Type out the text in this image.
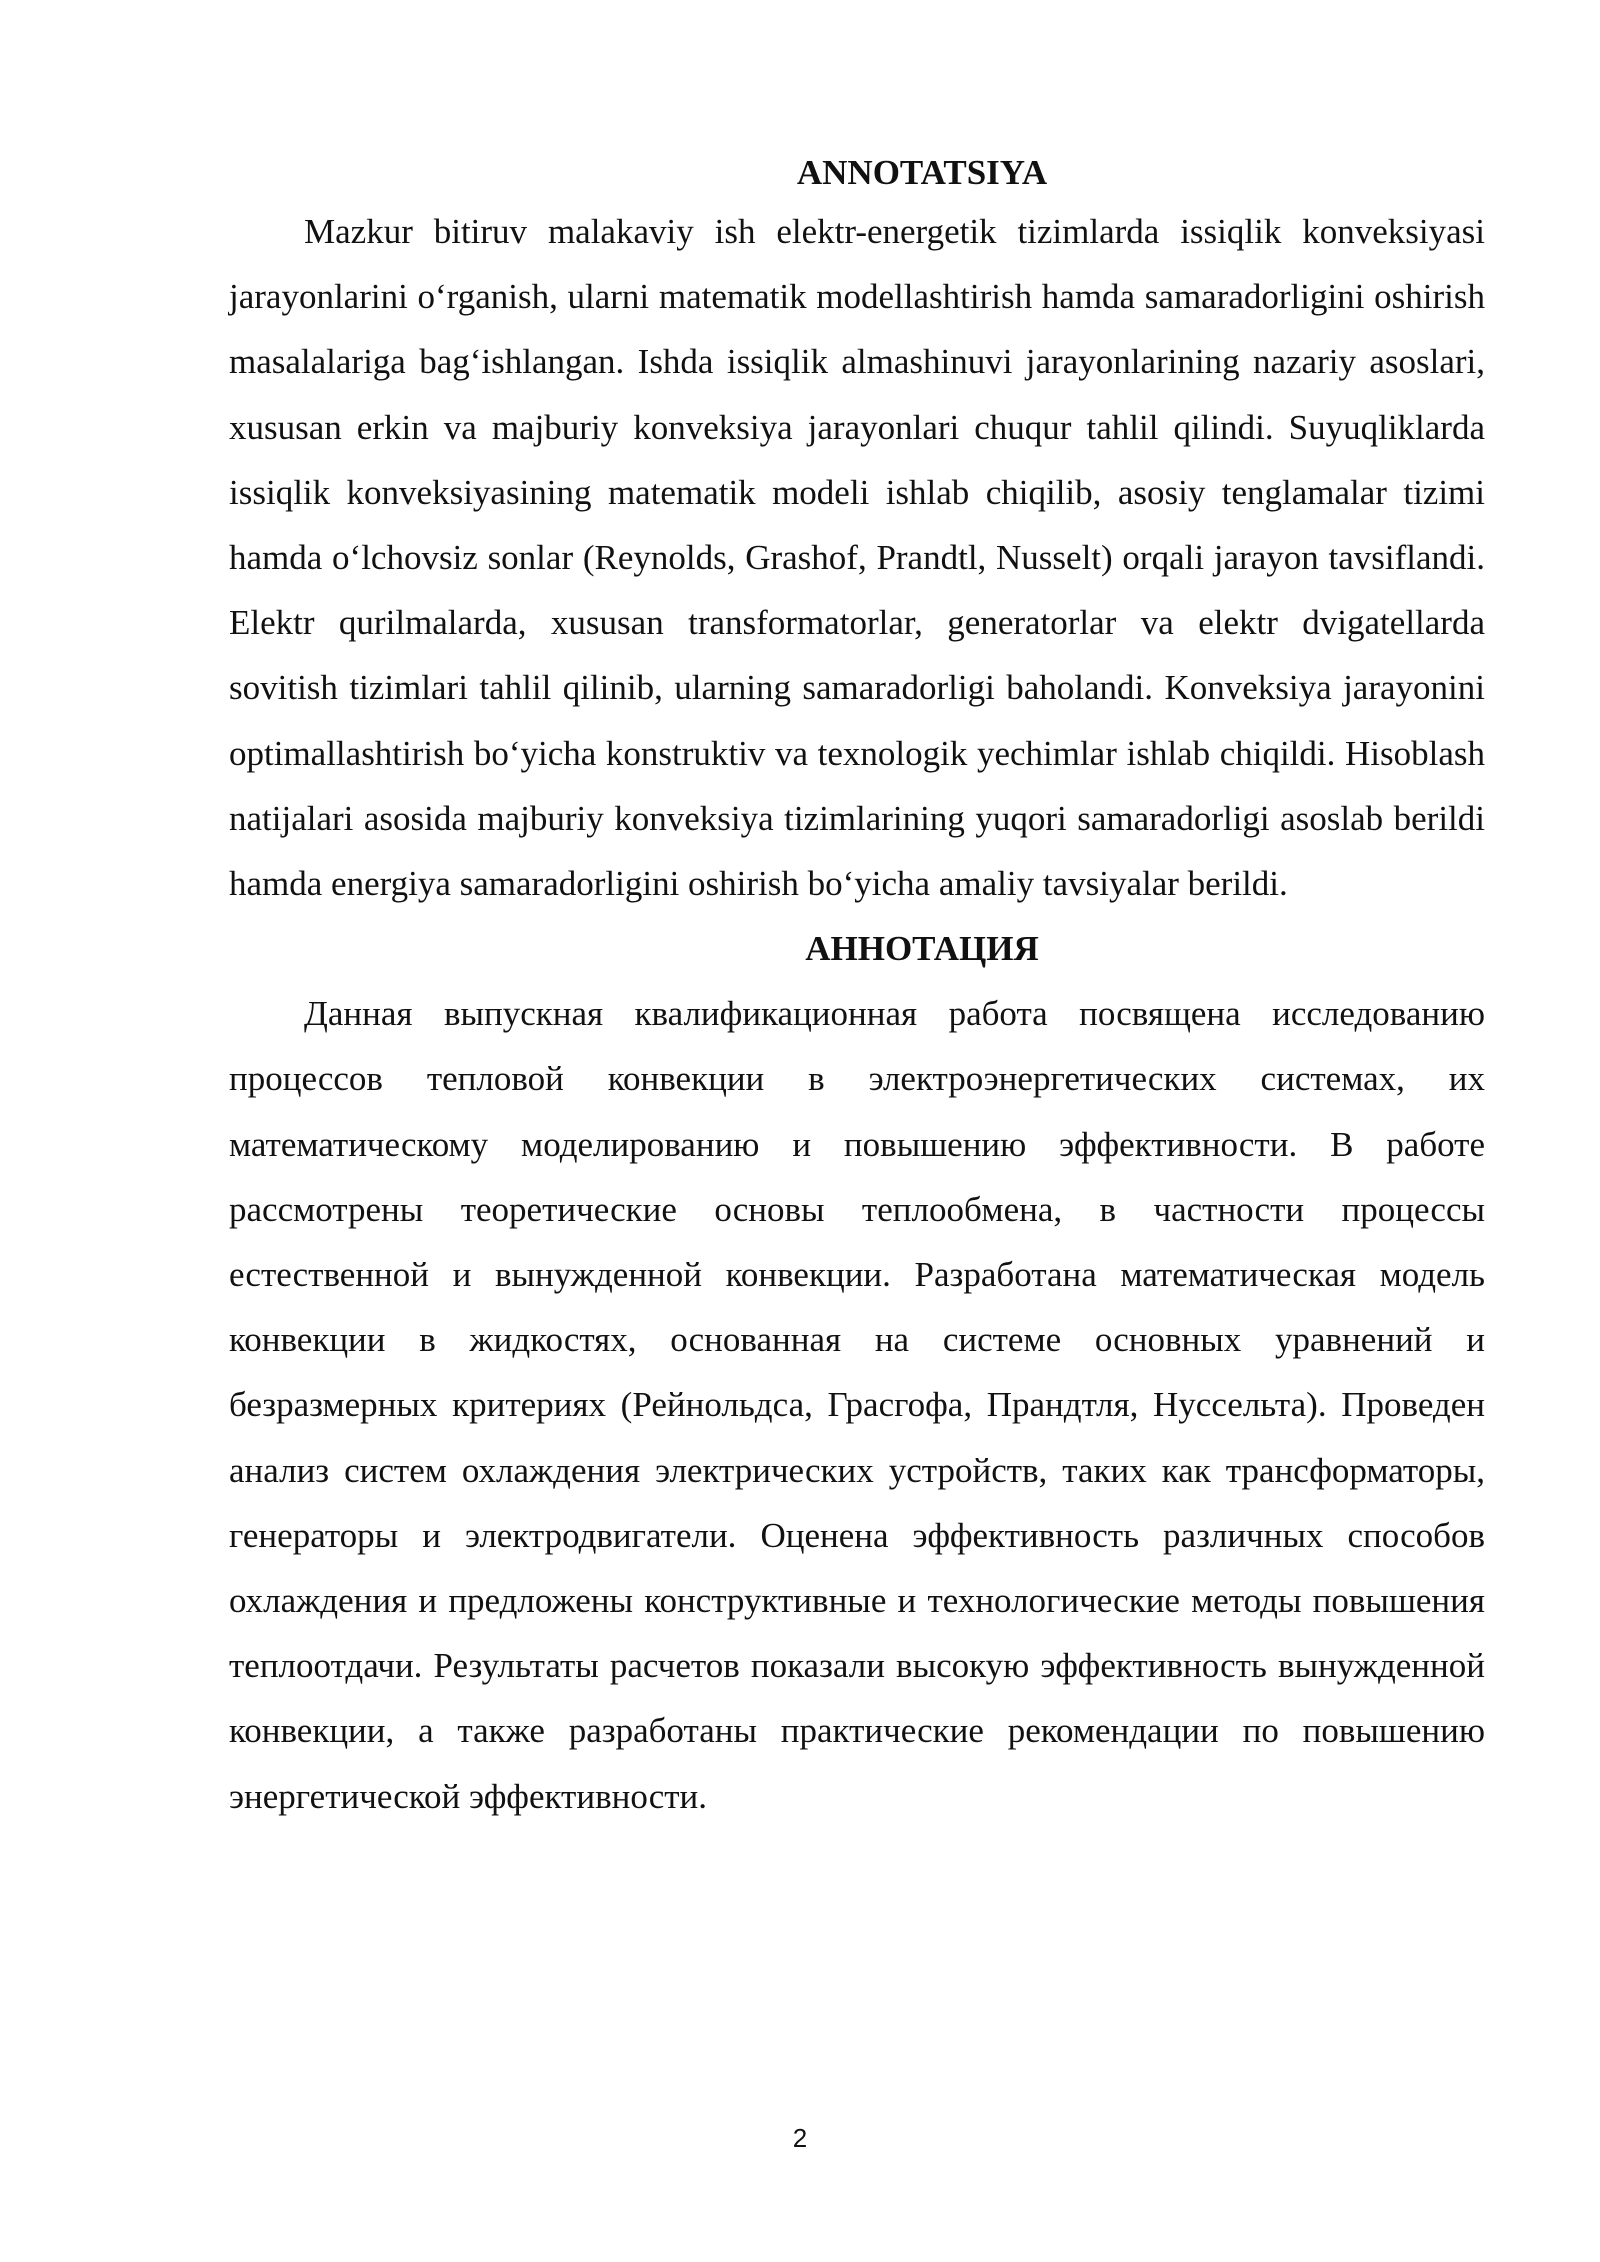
ANNOTATSIYA

Mazkur bitiruv malakaviy ish elektr-energetik tizimlarda issiqlik konveksiyasi jarayonlarini o‘rganish, ularni matematik modellashtirish hamda samaradorligini oshirish masalalariga bag‘ishlangan. Ishda issiqlik almashinuvi jarayonlarining nazariy asoslari, xususan erkin va majburiy konveksiya jarayonlari chuqur tahlil qilindi. Suyuqliklarda issiqlik konveksiyasining matematik modeli ishlab chiqilib, asosiy tenglamalar tizimi hamda o‘lchovsiz sonlar (Reynolds, Grashof, Prandtl, Nusselt) orqali jarayon tavsiflandi. Elektr qurilmalarda, xususan transformatorlar, generatorlar va elektr dvigatellarda sovitish tizimlari tahlil qilinib, ularning samaradorligi baholandi. Konveksiya jarayonini optimallashtirish bo‘yicha konstruktiv va texnologik yechimlar ishlab chiqildi. Hisoblash natijalari asosida majburiy konveksiya tizimlarining yuqori samaradorligi asoslab berildi hamda energiya samaradorligini oshirish bo‘yicha amaliy tavsiyalar berildi.

АННОТАЦИЯ

Данная выпускная квалификационная работа посвящена исследованию процессов тепловой конвекции в электроэнергетических системах, их математическому моделированию и повышению эффективности. В работе рассмотрены теоретические основы теплообмена, в частности процессы естественной и вынужденной конвекции. Разработана математическая модель конвекции в жидкостях, основанная на системе основных уравнений и безразмерных критериях (Рейнольдса, Грасгофа, Прандтля, Нуссельта). Проведен анализ систем охлаждения электрических устройств, таких как трансформаторы, генераторы и электродвигатели. Оценена эффективность различных способов охлаждения и предложены конструктивные и технологические методы повышения теплоотдачи. Результаты расчетов показали высокую эффективность вынужденной конвекции, а также разработаны практические рекомендации по повышению энергетической эффективности.

2
